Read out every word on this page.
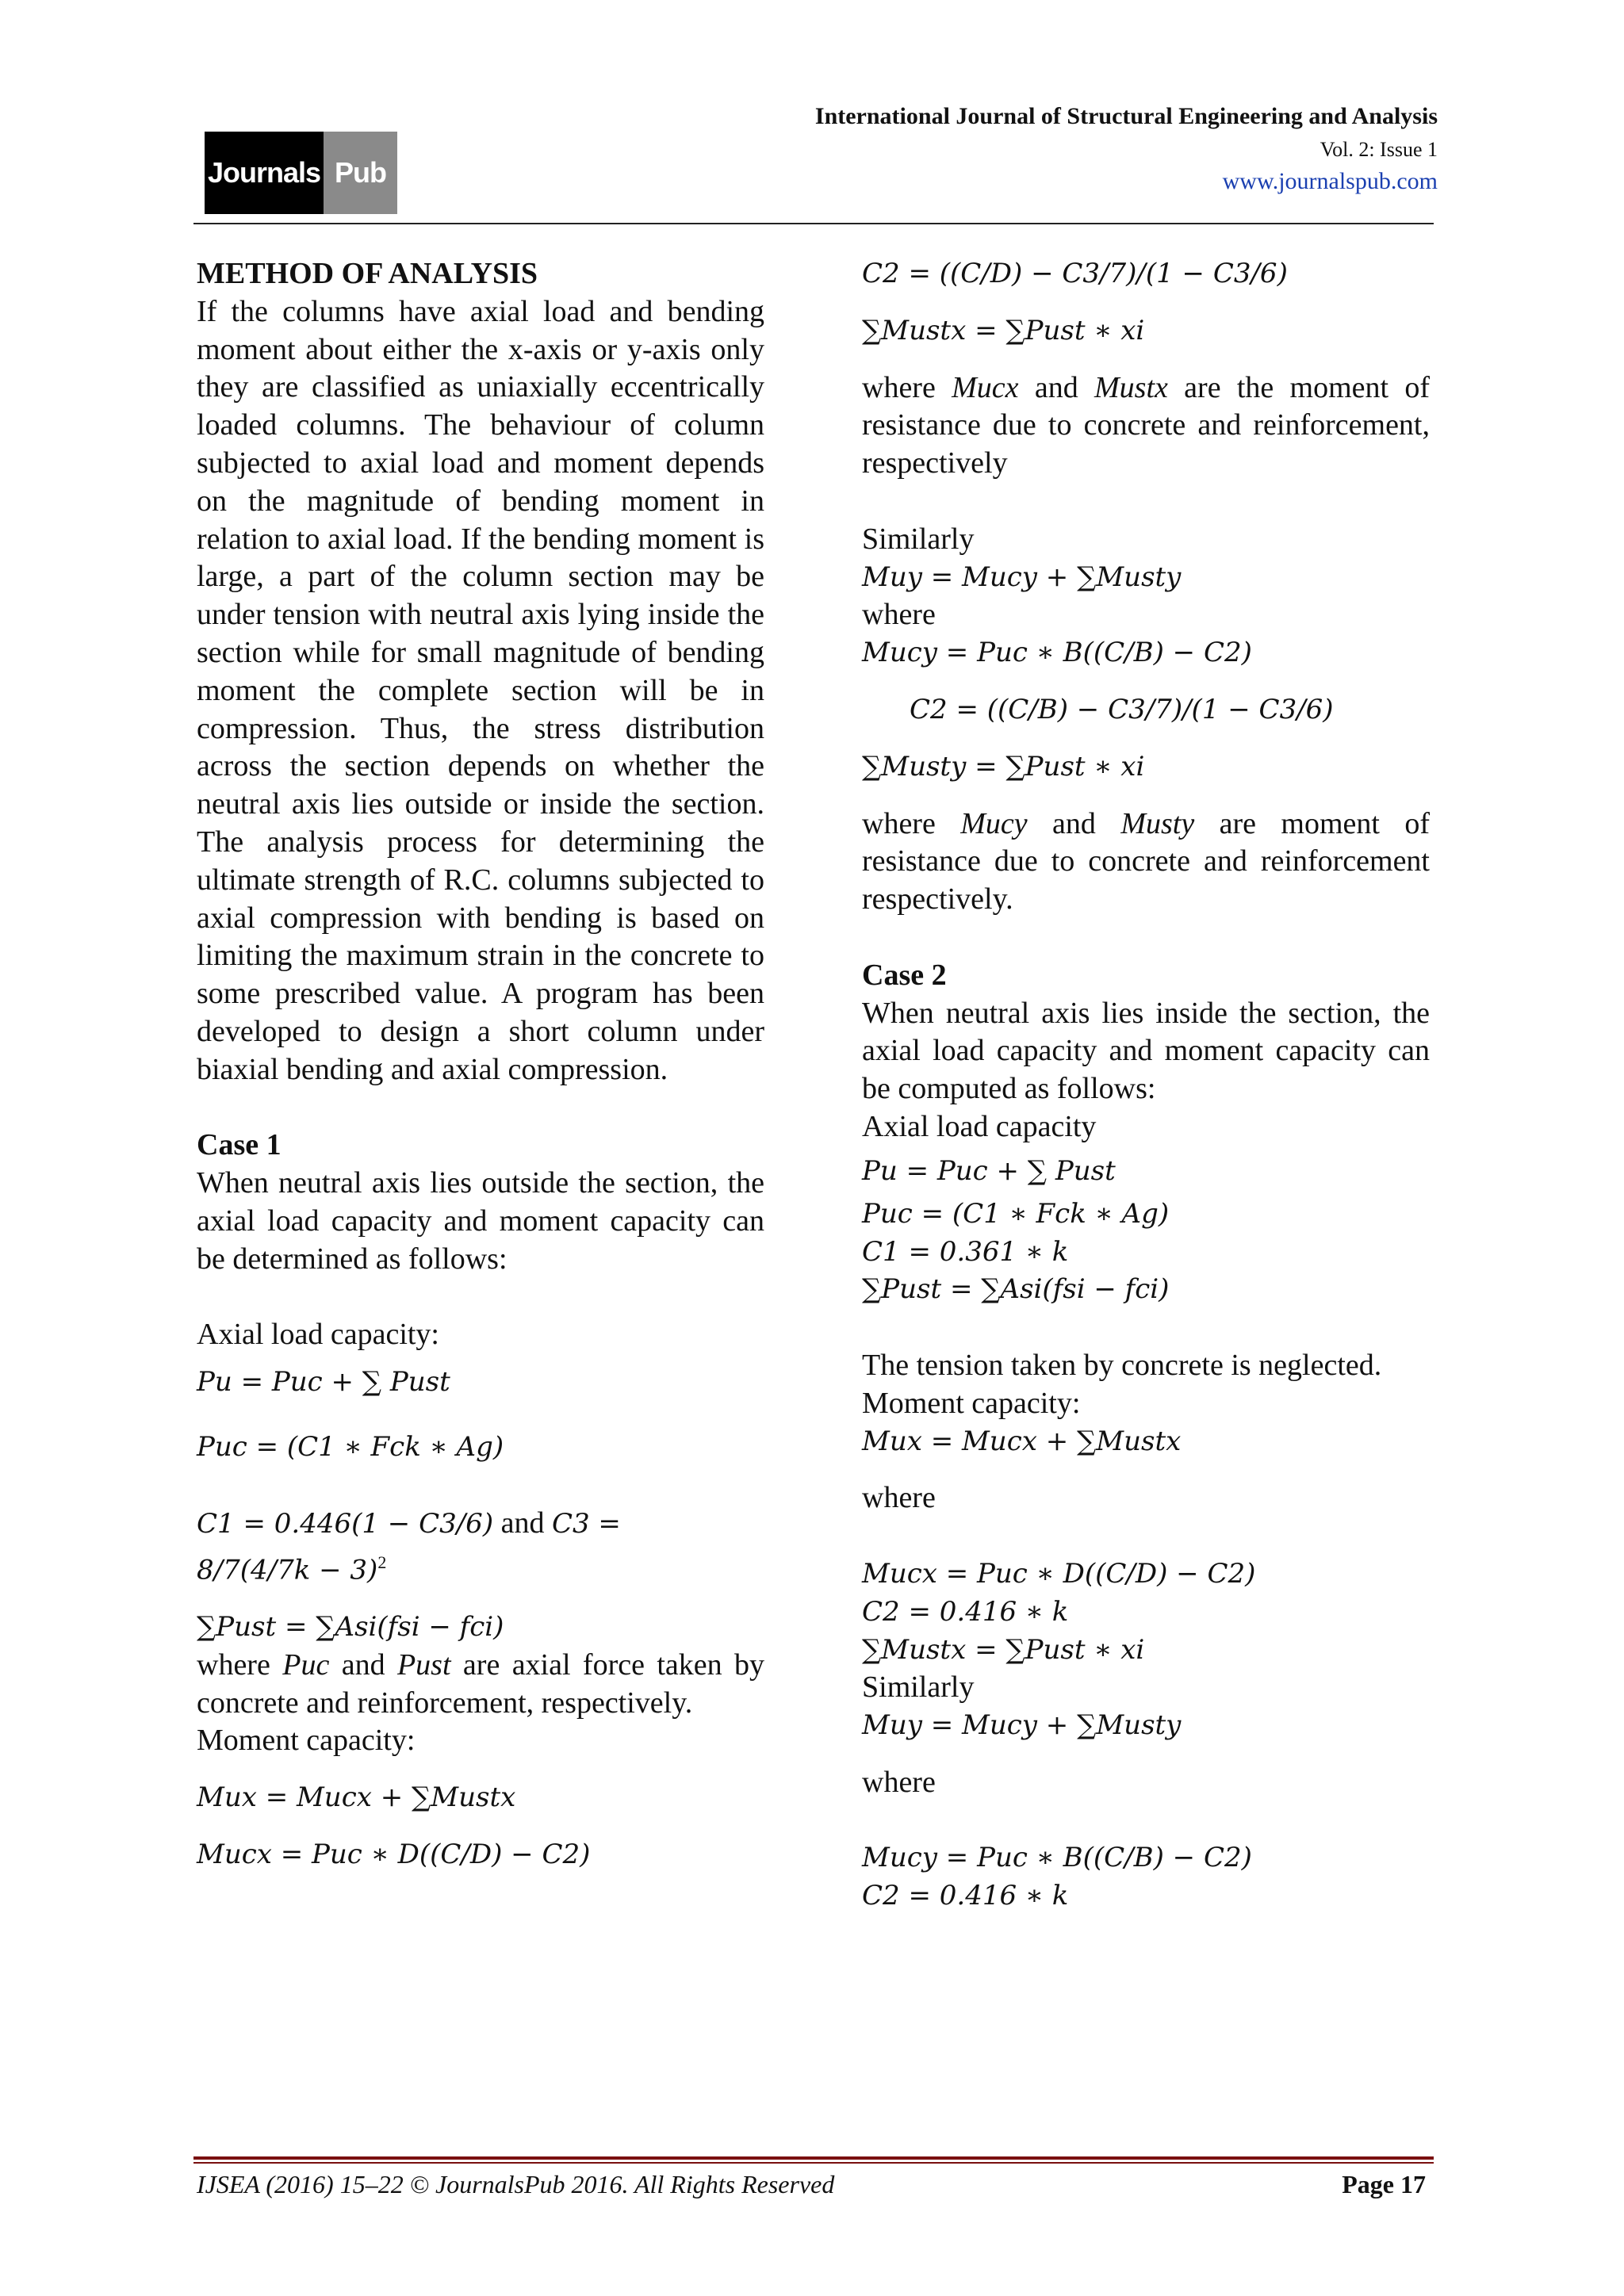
Journals Pub
International Journal of Structural Engineering and Analysis
Vol. 2: Issue 1
www.journalspub.com

METHOD OF ANALYSIS

If the columns have axial load and bending moment about either the x-axis or y-axis only they are classified as uniaxially eccentrically loaded columns. The behaviour of column subjected to axial load and moment depends on the magnitude of bending moment in relation to axial load. If the bending moment is large, a part of the column section may be under tension with neutral axis lying inside the section while for small magnitude of bending moment the complete section will be in compression. Thus, the stress distribution across the section depends on whether the neutral axis lies outside or inside the section. The analysis process for determining the ultimate strength of R.C. columns subjected to axial compression with bending is based on limiting the maximum strain in the concrete to some prescribed value. A program has been developed to design a short column under biaxial bending and axial compression.

Case 1

When neutral axis lies outside the section, the axial load capacity and moment capacity can be determined as follows:

Axial load capacity:

Pu = Puc + ∑ Pust

Puc = (C1 ∗ Fck ∗ Ag)

C1 = 0.446(1 − C3/6) and C3 =

$8/7(4/7k - 3)^2$

∑Pust = ∑Asi(fsi − fci)

where Puc and Pust are axial force taken by concrete and reinforcement, respectively.

Moment capacity:

Mux = Mucx + ∑Mustx

Mucx = Puc ∗ D((C/D) − C2)

C2 = ((C/D) − C3/7)/(1 − C3/6)

∑Mustx = ∑Pust ∗ xi

where Mucx and Mustx are the moment of resistance due to concrete and reinforcement, respectively

Similarly

Muy = Mucy + ∑Musty

where

Mucy = Puc ∗ B((C/B) − C2)

C2 = ((C/B) − C3/7)/(1 − C3/6)

∑Musty = ∑Pust ∗ xi

where Mucy and Musty are moment of resistance due to concrete and reinforcement respectively.

Case 2

When neutral axis lies inside the section, the axial load capacity and moment capacity can be computed as follows:

Axial load capacity

Pu = Puc + ∑ Pust

Puc = (C1 ∗ Fck ∗ Ag)

C1 = 0.361 ∗ k

∑Pust = ∑Asi(fsi − fci)

The tension taken by concrete is neglected.

Moment capacity:

Mux = Mucx + ∑Mustx

where

Mucx = Puc ∗ D((C/D) − C2)

C2 = 0.416 ∗ k

∑Mustx = ∑Pust ∗ xi

Similarly

Muy = Mucy + ∑Musty

where

Mucy = Puc ∗ B((C/B) − C2)

C2 = 0.416 ∗ k

IJSEA (2016) 15–22 © JournalsPub 2016. All Rights Reserved	Page 17
